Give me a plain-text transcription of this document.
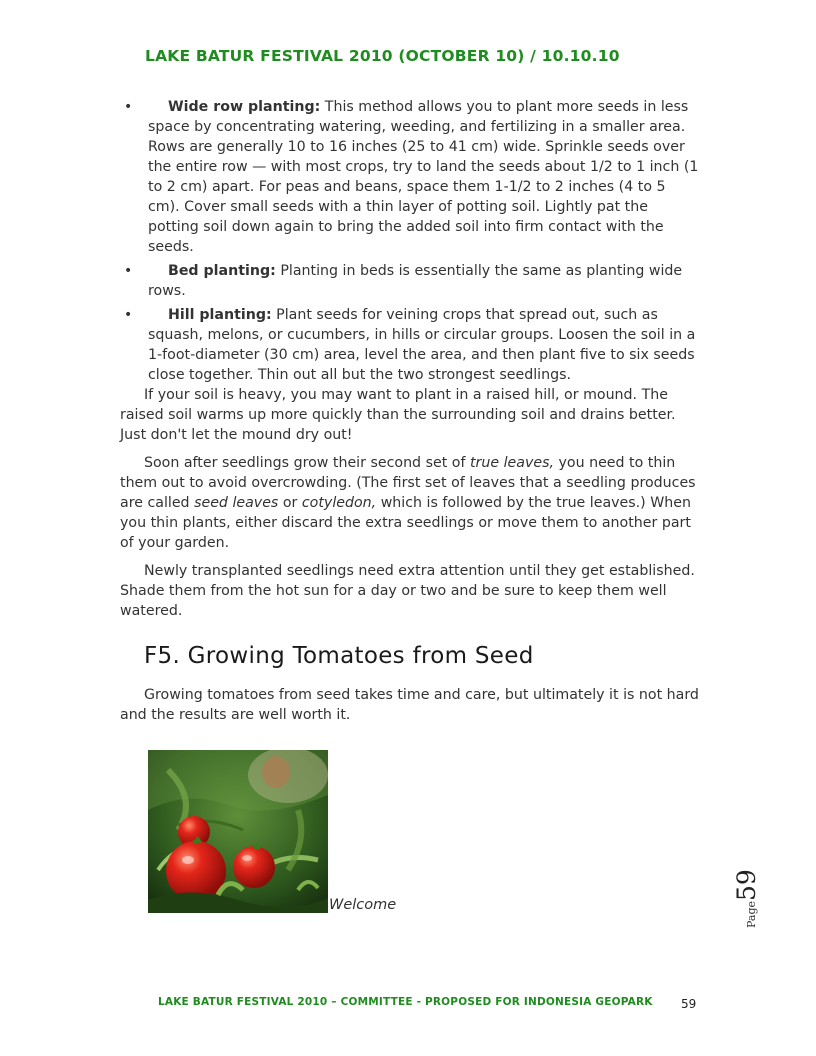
LAKE BATUR FESTIVAL 2010 (OCTOBER 10) / 10.10.10
•	Wide row planting: This method allows you to plant more seeds in less space by concentrating watering, weeding, and fertilizing in a smaller area. Rows are generally 10 to 16 inches (25 to 41 cm) wide. Sprinkle seeds over the entire row — with most crops, try to land the seeds about 1/2 to 1 inch (1 to 2 cm) apart. For peas and beans, space them 1-1/2 to 2 inches (4 to 5 cm). Cover small seeds with a thin layer of potting soil. Lightly pat the potting soil down again to bring the added soil into firm contact with the seeds.
•	Bed planting: Planting in beds is essentially the same as planting wide rows.
•	Hill planting: Plant seeds for veining crops that spread out, such as squash, melons, or cucumbers, in hills or circular groups. Loosen the soil in a 1-foot-diameter (30 cm) area, level the area, and then plant five to six seeds close together. Thin out all but the two strongest seedlings.

If your soil is heavy, you may want to plant in a raised hill, or mound. The raised soil warms up more quickly than the surrounding soil and drains better. Just don't let the mound dry out!

Soon after seedlings grow their second set of true leaves, you need to thin them out to avoid overcrowding. (The first set of leaves that a seedling produces are called seed leaves or cotyledon, which is followed by the true leaves.) When you thin plants, either discard the extra seedlings or move them to another part of your garden.

Newly transplanted seedlings need extra attention until they get established. Shade them from the hot sun for a day or two and be sure to keep them well watered.

F5. Growing Tomatoes from Seed

Growing tomatoes from seed takes time and care, but ultimately it is not hard and the results are well worth it.

Welcome	Page59
LAKE BATUR FESTIVAL 2010 – COMMITTEE - PROPOSED FOR INDONESIA GEOPARK 59
